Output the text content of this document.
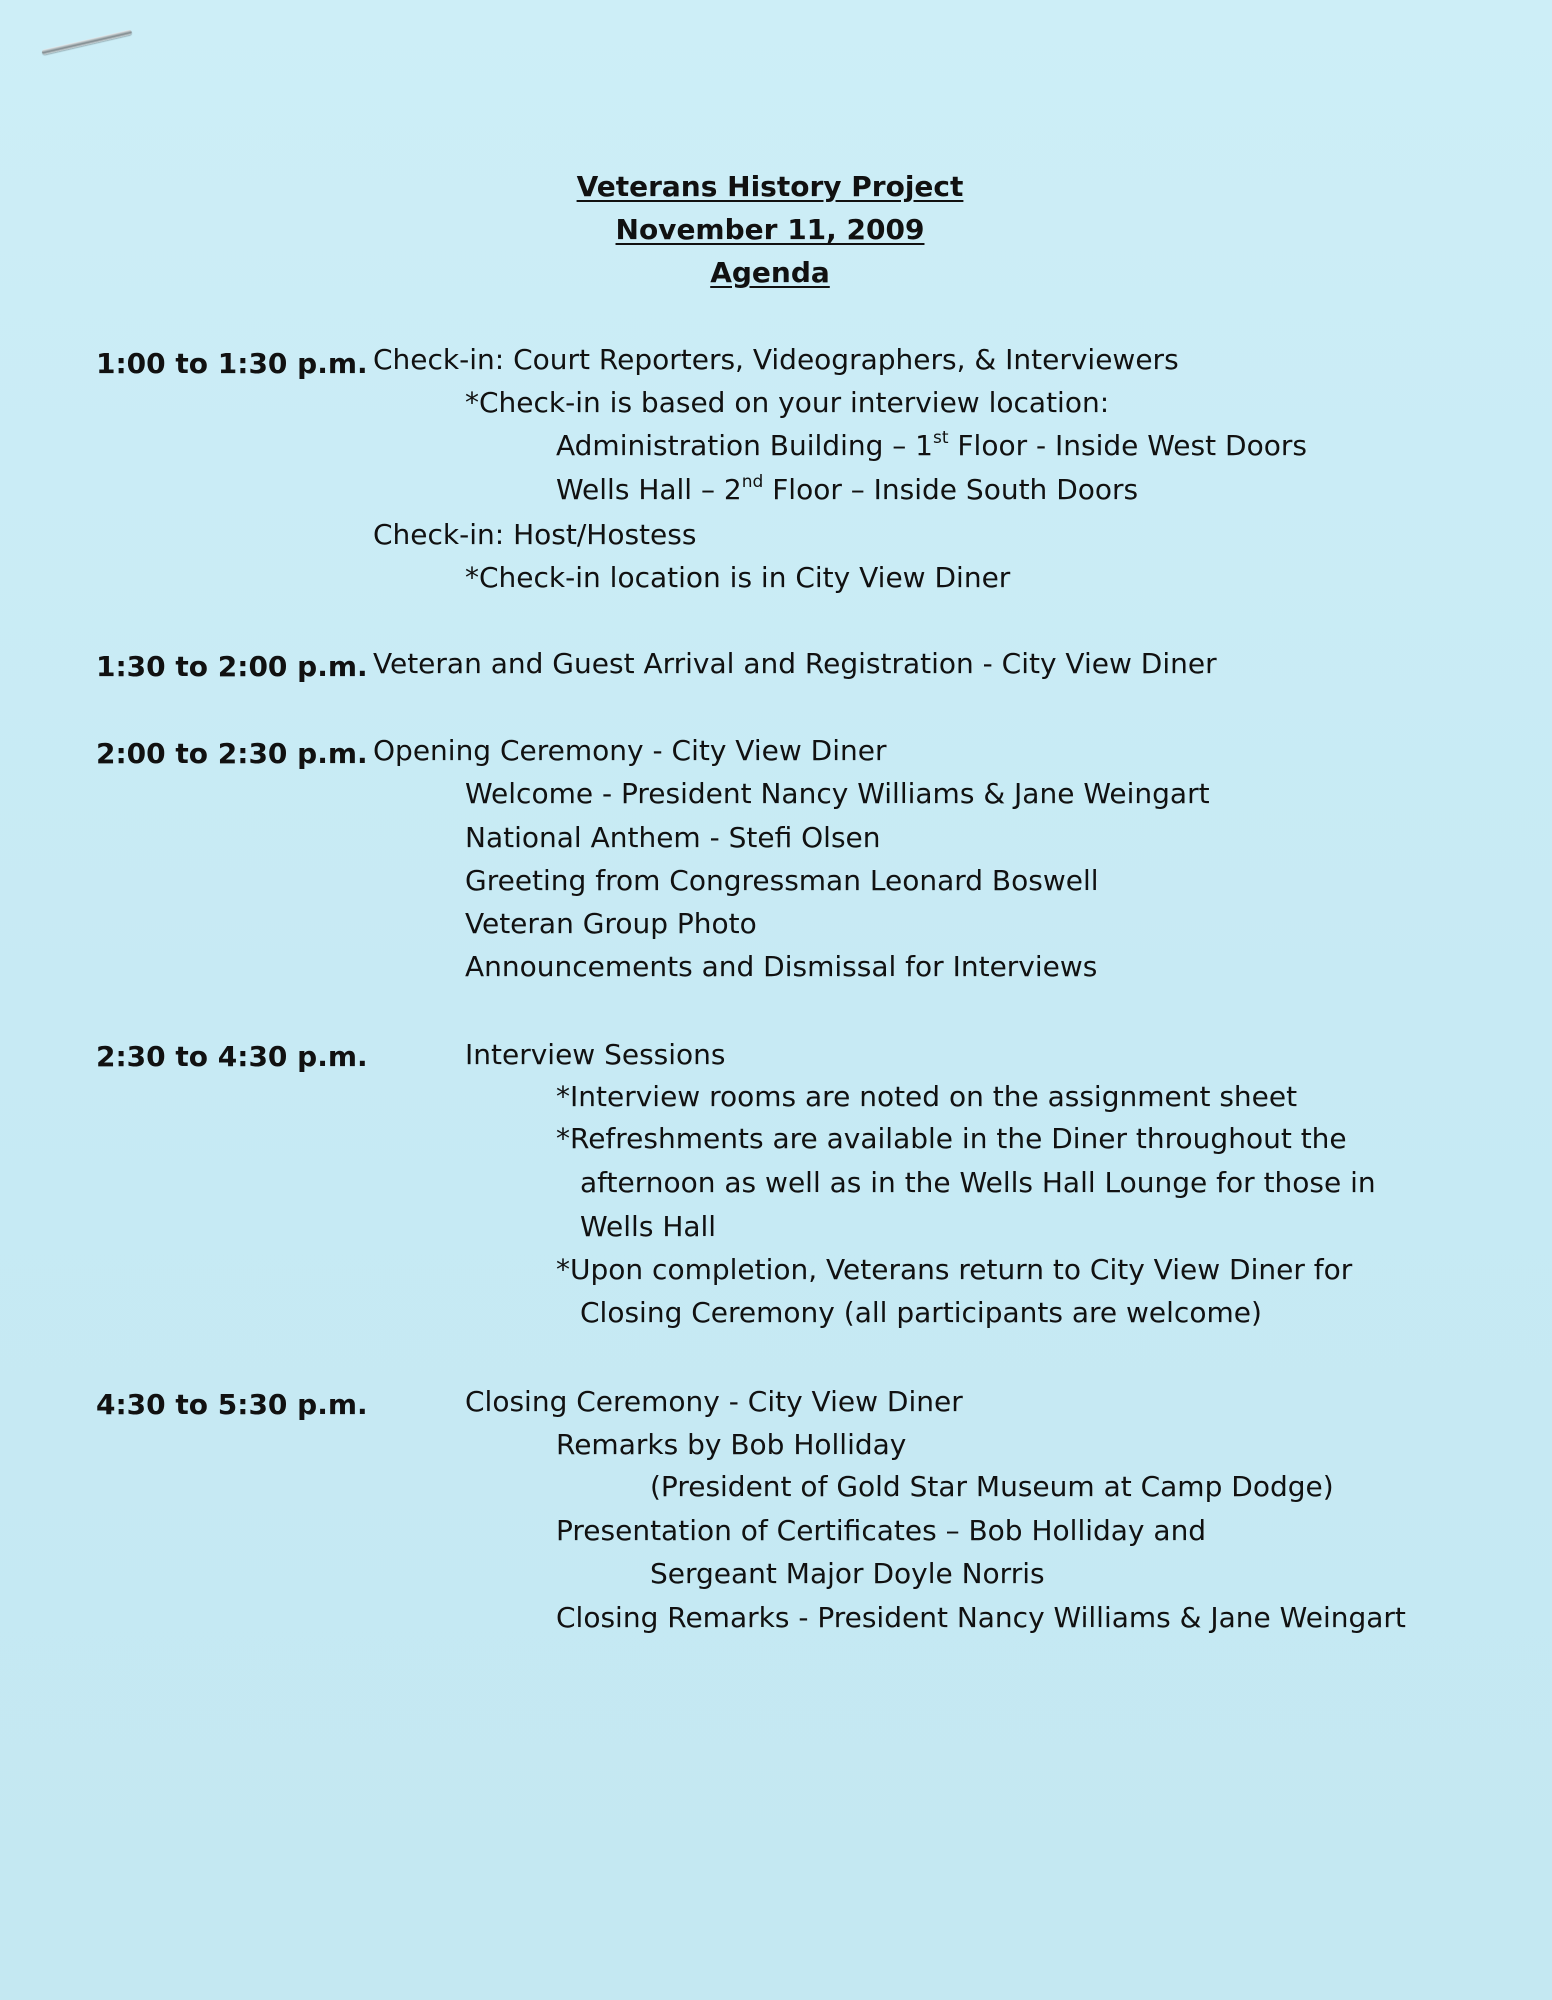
Veterans History Project
November 11, 2009
Agenda
1:00 to 1:30 p.m. Check-in: Court Reporters, Videographers, & Interviewers
*Check-in is based on your interview location:
Administration Building – 1st Floor - Inside West Doors
Wells Hall – 2nd Floor – Inside South Doors
Check-in: Host/Hostess
*Check-in location is in City View Diner
1:30 to 2:00 p.m. Veteran and Guest Arrival and Registration - City View Diner
2:00 to 2:30 p.m. Opening Ceremony - City View Diner
Welcome - President Nancy Williams & Jane Weingart
National Anthem - Stefi Olsen
Greeting from Congressman Leonard Boswell
Veteran Group Photo
Announcements and Dismissal for Interviews
2:30 to 4:30 p.m.	Interview Sessions
*Interview rooms are noted on the assignment sheet
*Refreshments are available in the Diner throughout the
afternoon as well as in the Wells Hall Lounge for those in
Wells Hall
*Upon completion, Veterans return to City View Diner for
Closing Ceremony (all participants are welcome)
4:30 to 5:30 p.m.	Closing Ceremony - City View Diner
Remarks by Bob Holliday
(President of Gold Star Museum at Camp Dodge)
Presentation of Certificates – Bob Holliday and
Sergeant Major Doyle Norris
Closing Remarks - President Nancy Williams & Jane Weingart
